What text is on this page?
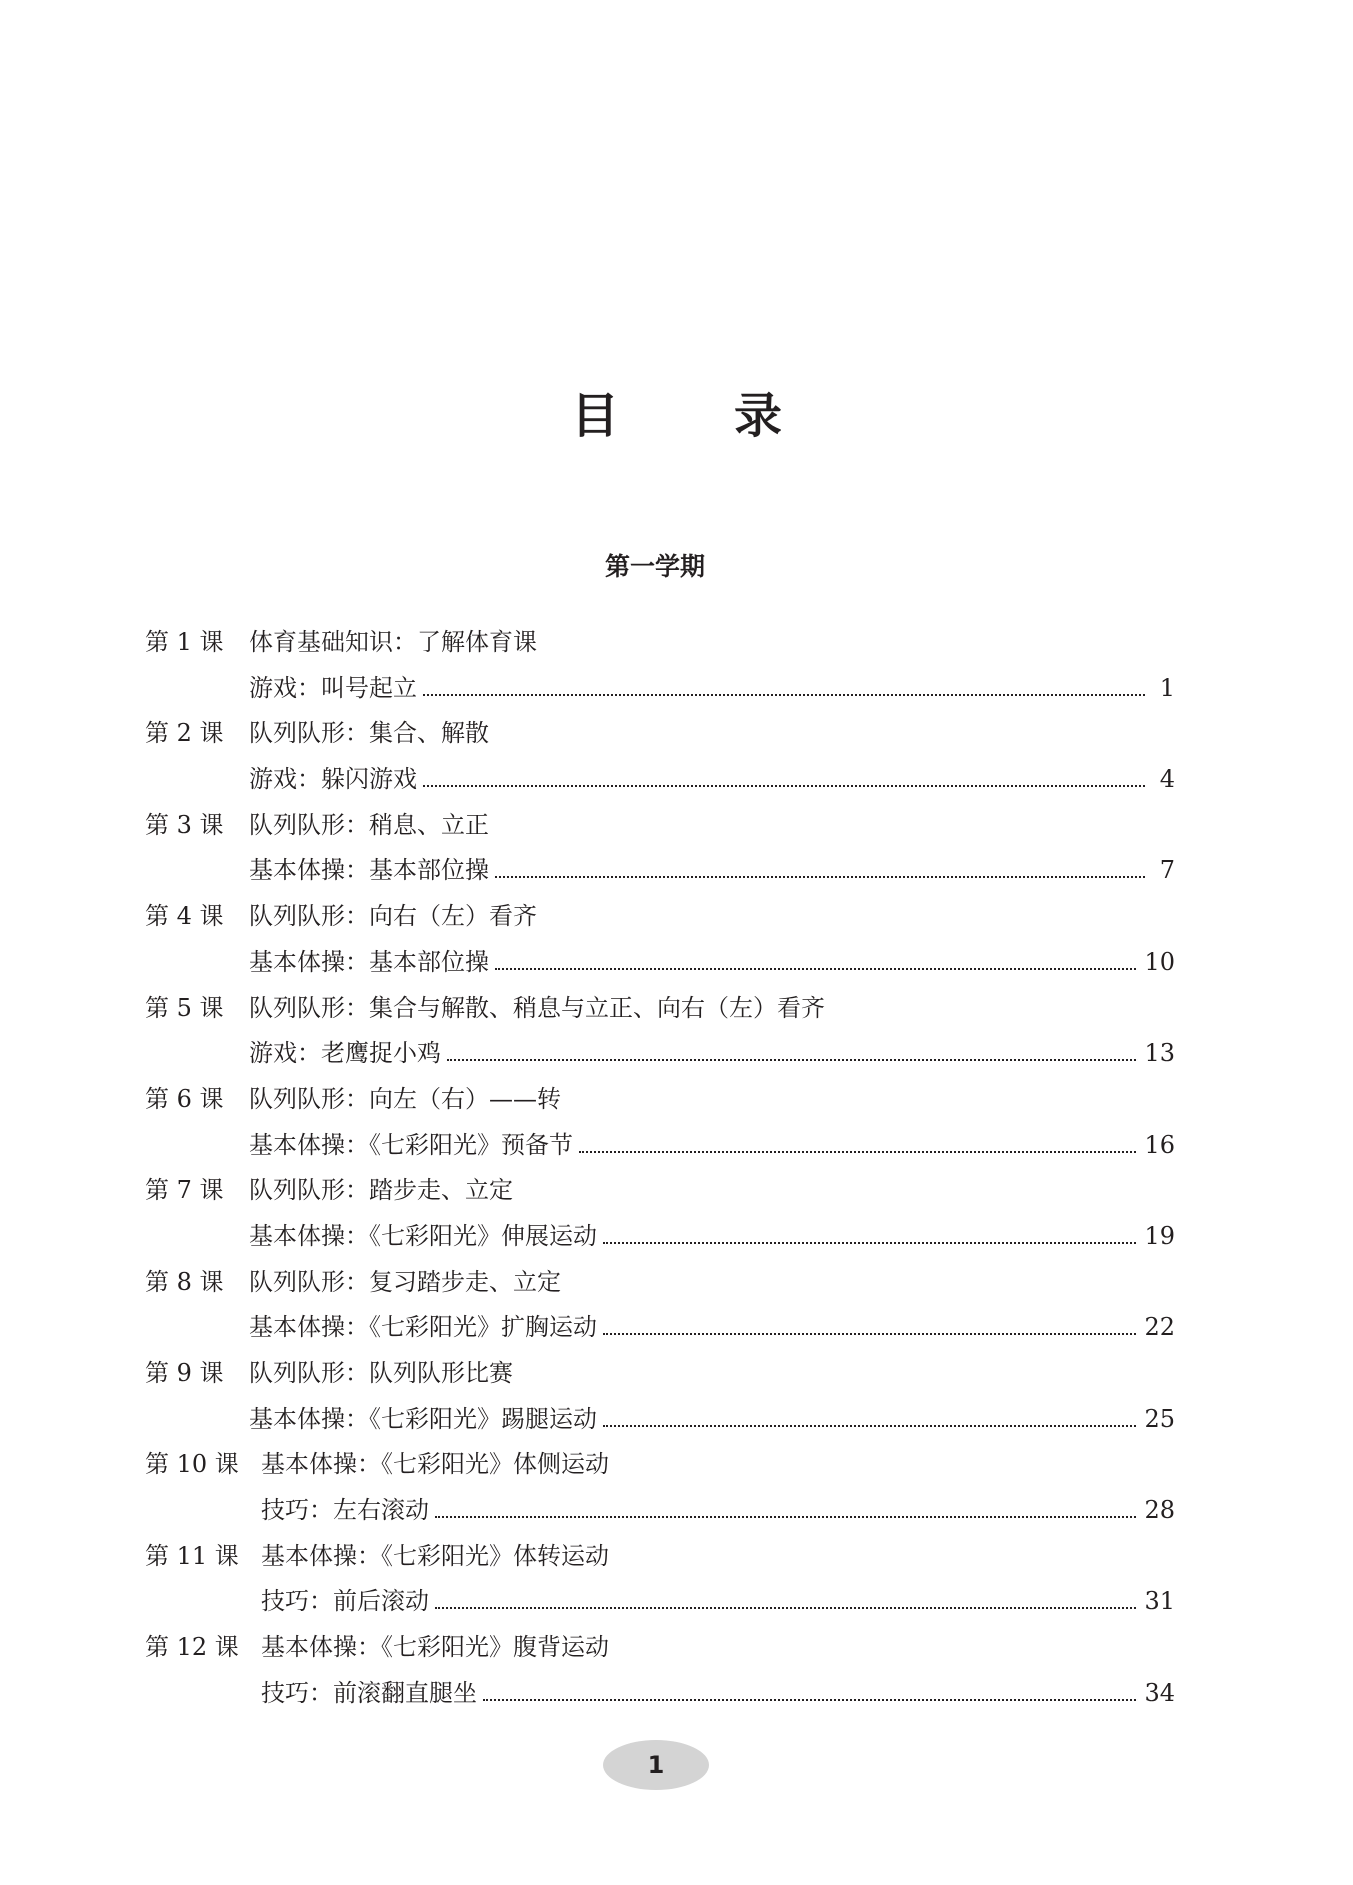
目 录
第一学期
第 1 课 体育基础知识：了解体育课
游戏：叫号起立	1
第 2 课 队列队形：集合、解散
游戏：躲闪游戏	4
第 3 课 队列队形：稍息、立正
基本体操：基本部位操	7
第 4 课 队列队形：向右（左）看齐
基本体操：基本部位操	10
第 5 课 队列队形：集合与解散、稍息与立正、向右（左）看齐
游戏：老鹰捉小鸡	13
第 6 课 队列队形：向左（右）——转
基本体操：《七彩阳光》预备节	16
第 7 课 队列队形：踏步走、立定
基本体操：《七彩阳光》伸展运动	19
第 8 课 队列队形：复习踏步走、立定
基本体操：《七彩阳光》扩胸运动	22
第 9 课 队列队形：队列队形比赛
基本体操：《七彩阳光》踢腿运动	25
第 10 课 基本体操：《七彩阳光》体侧运动
技巧：左右滚动	28
第 11 课 基本体操：《七彩阳光》体转运动
技巧：前后滚动	31
第 12 课 基本体操：《七彩阳光》腹背运动
技巧：前滚翻直腿坐	34
1
